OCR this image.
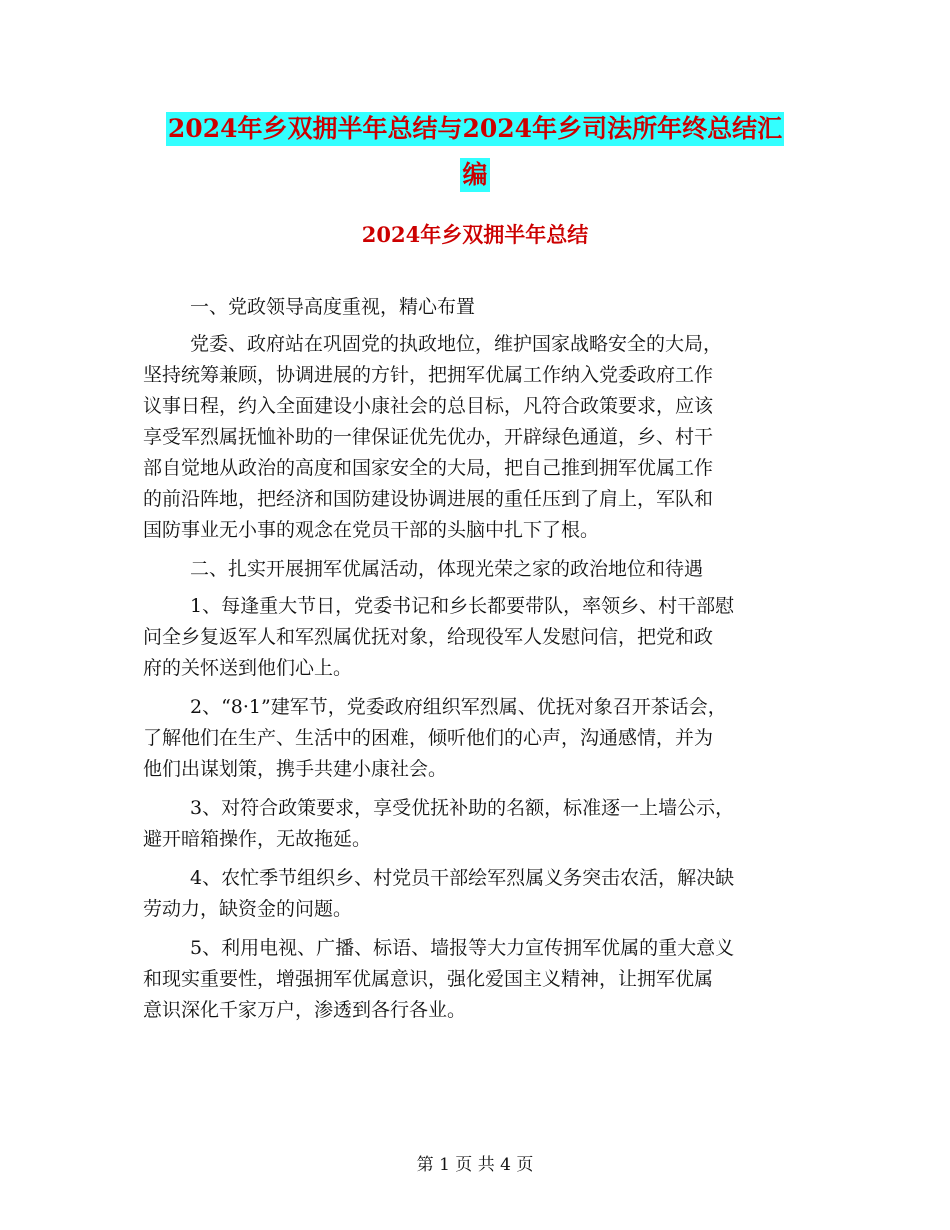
2024年乡双拥半年总结与2024年乡司法所年终总结汇
编
2024年乡双拥半年总结

一、党政领导高度重视，精心布置

党委、政府站在巩固党的执政地位，维护国家战略安全的大局，
坚持统筹兼顾，协调进展的方针，把拥军优属工作纳入党委政府工作
议事日程，约入全面建设小康社会的总目标，凡符合政策要求，应该
享受军烈属抚恤补助的一律保证优先优办，开辟绿色通道，乡、村干
部自觉地从政治的高度和国家安全的大局，把自己推到拥军优属工作
的前沿阵地，把经济和国防建设协调进展的重任压到了肩上，军队和
国防事业无小事的观念在党员干部的头脑中扎下了根。

二、扎实开展拥军优属活动，体现光荣之家的政治地位和待遇

1、每逢重大节日，党委书记和乡长都要带队，率领乡、村干部慰
问全乡复返军人和军烈属优抚对象，给现役军人发慰问信，把党和政
府的关怀送到他们心上。

2、“8·1”建军节，党委政府组织军烈属、优抚对象召开茶话会，
了解他们在生产、生活中的困难，倾听他们的心声，沟通感情，并为
他们出谋划策，携手共建小康社会。

3、对符合政策要求，享受优抚补助的名额，标准逐一上墙公示，
避开暗箱操作，无故拖延。

4、农忙季节组织乡、村党员干部绘军烈属义务突击农活，解决缺
劳动力，缺资金的问题。

5、利用电视、广播、标语、墙报等大力宣传拥军优属的重大意义
和现实重要性，增强拥军优属意识，强化爱国主义精神，让拥军优属
意识深化千家万户，渗透到各行各业。

第 1 页 共 4 页
